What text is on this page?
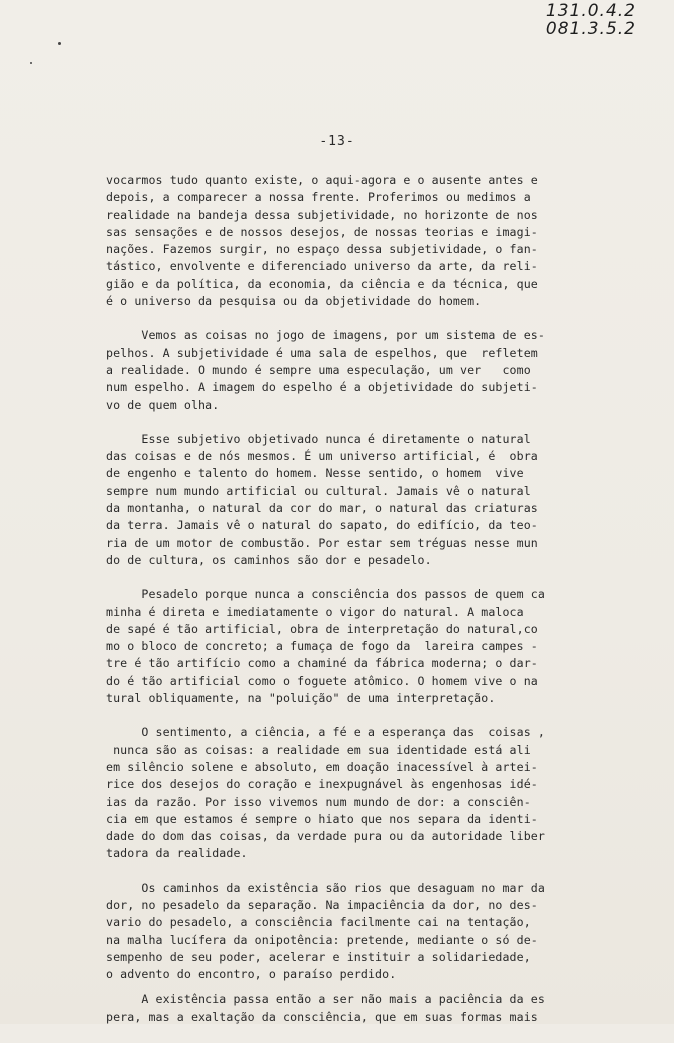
131.0.4.2
081.3.5.2
-13-
vocarmos tudo quanto existe, o aqui-agora e o ausente antes e
depois, a comparecer a nossa frente. Proferimos ou medimos a
realidade na bandeja dessa subjetividade, no horizonte de nos
sas sensações e de nossos desejos, de nossas teorias e imagi-
nações. Fazemos surgir, no espaço dessa subjetividade, o fan-
tástico, envolvente e diferenciado universo da arte, da reli-
gião e da política, da economia, da ciência e da técnica, que
é o universo da pesquisa ou da objetividade do homem.
Vemos as coisas no jogo de imagens, por um sistema de es-
pelhos. A subjetividade é uma sala de espelhos, que  refletem
a realidade. O mundo é sempre uma especulação, um ver   como
num espelho. A imagem do espelho é a objetividade do subjeti-
vo de quem olha.
Esse subjetivo objetivado nunca é diretamente o natural
das coisas e de nós mesmos. É um universo artificial, é  obra
de engenho e talento do homem. Nesse sentido, o homem  vive
sempre num mundo artificial ou cultural. Jamais vê o natural
da montanha, o natural da cor do mar, o natural das criaturas
da terra. Jamais vê o natural do sapato, do edifício, da teo-
ria de um motor de combustão. Por estar sem tréguas nesse mun
do de cultura, os caminhos são dor e pesadelo.
Pesadelo porque nunca a consciência dos passos de quem ca
minha é direta e imediatamente o vigor do natural. A maloca
de sapé é tão artificial, obra de interpretação do natural,co
mo o bloco de concreto; a fumaça de fogo da  lareira campes -
tre é tão artifício como a chaminé da fábrica moderna; o dar-
do é tão artificial como o foguete atômico. O homem vive o na
tural obliquamente, na "poluição" de uma interpretação.
O sentimento, a ciência, a fé e a esperança das  coisas ,
nunca são as coisas: a realidade em sua identidade está ali
em silêncio solene e absoluto, em doação inacessível à artei-
rice dos desejos do coração e inexpugnável às engenhosas idé-
ias da razão. Por isso vivemos num mundo de dor: a consciên-
cia em que estamos é sempre o hiato que nos separa da identi-
dade do dom das coisas, da verdade pura ou da autoridade liber
tadora da realidade.
Os caminhos da existência são rios que desaguam no mar da
dor, no pesadelo da separação. Na impaciência da dor, no des-
vario do pesadelo, a consciência facilmente cai na tentação,
na malha lucífera da onipotência: pretende, mediante o só de-
sempenho de seu poder, acelerar e instituir a solidariedade,
o advento do encontro, o paraíso perdido.
A existência passa então a ser não mais a paciência da es
pera, mas a exaltação da consciência, que em suas formas mais
